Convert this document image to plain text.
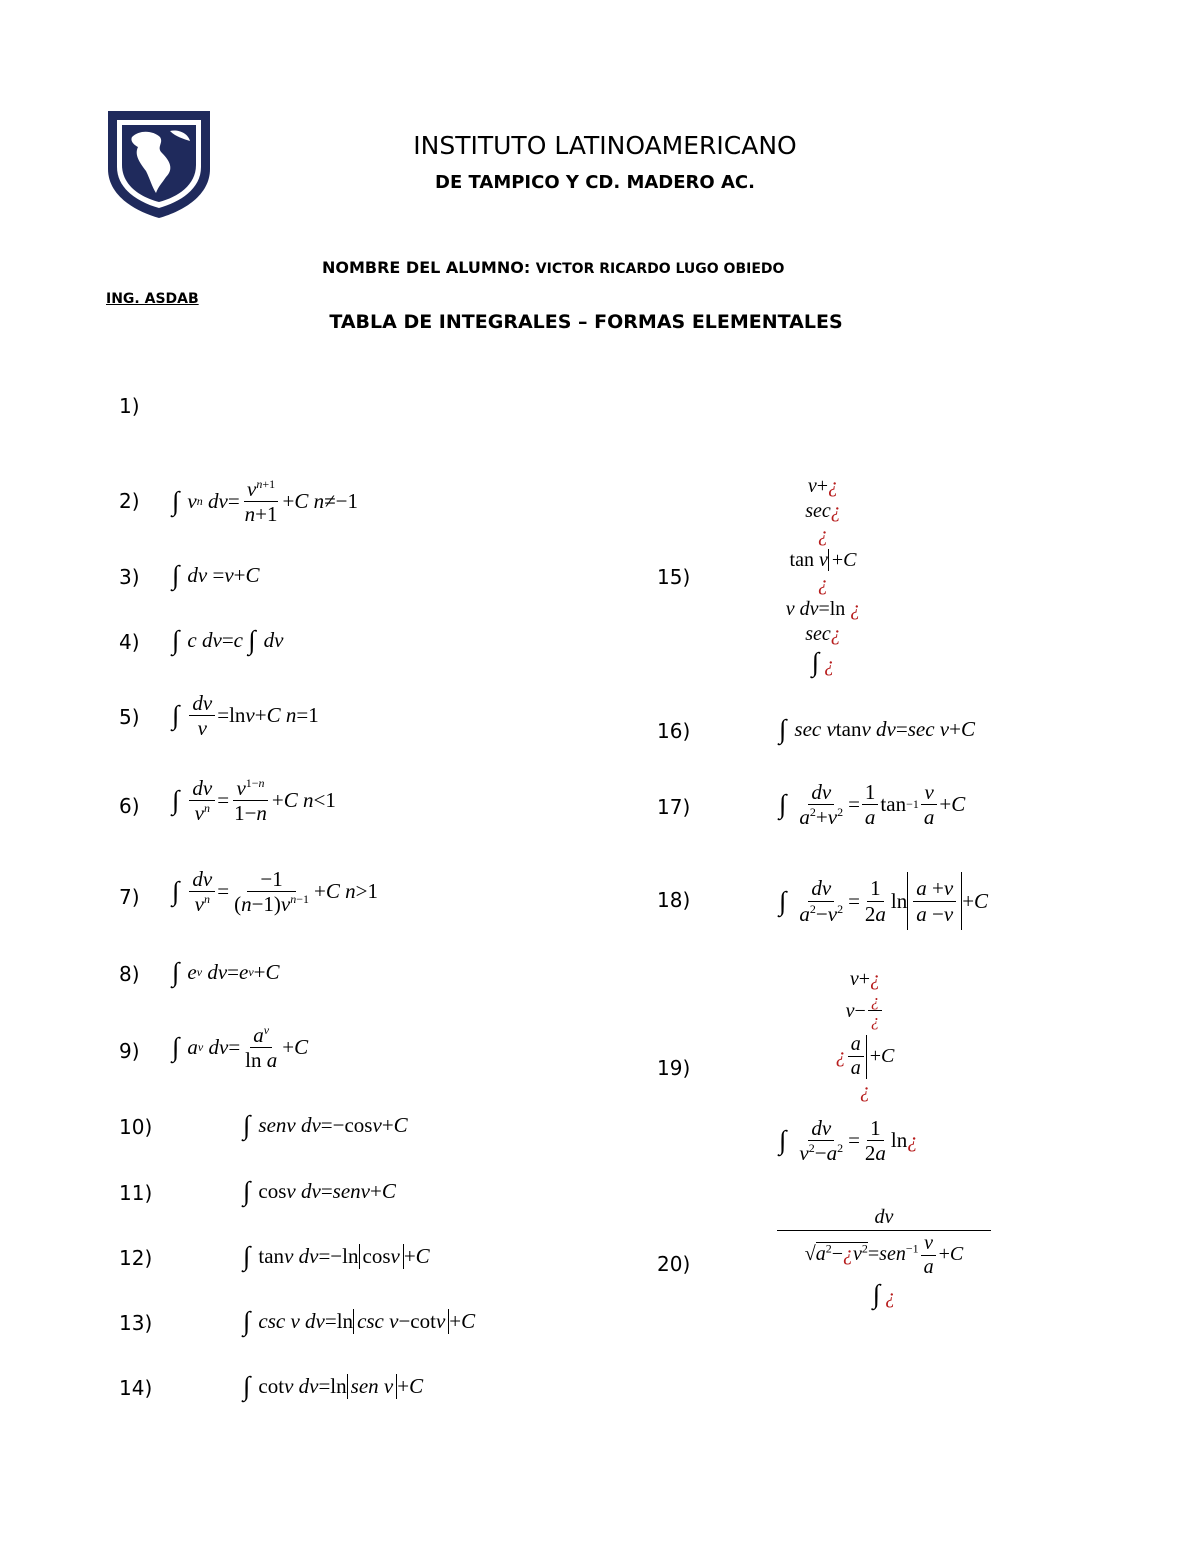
INSTITUTO LATINOAMERICANO
DE TAMPICO Y CD. MADERO AC.
NOMBRE DEL ALUMNO: VICTOR RICARDO LUGO OBIEDO
ING. ASDAB
TABLA DE INTEGRALES – FORMAS ELEMENTALES
1)
2)
3)
4)
5)
6)
7)
8)
9)
10)
11)
12)
13)
14)
15)
16)
17)
18)
19)
20)
∫ v n
dv = $\frac{v^{n+1}}{n+1} + C$ n ≠−1
∫ dv = v + C
∫ c dv = c
∫ dv
∫ $\frac{dv}{v} =\ln$ v + C n =1
∫ $\frac{dv}{v^n} = \frac{v^{1-n}}{1-n} + C$ n <1
∫ $\frac{dv}{v^n} = \frac{-1}{(n-1)v^{n-1}} + C$ n >1
∫ e v
dv = e v + C
∫ a v
dv = $\frac{a^v}{\text{ln a}} + C$
∫ senv dv =−cos v + C
∫ cos v dv = senv + C
∫ tan v dv =−ln cos v + C
∫ csc v dv =ln csc v −cot v + C
∫ cot v dv =ln sen v + C
v+¿
sec¿
¿
tan v +C
¿
v dv=ln ¿
sec¿
∫ ¿
∫ sec v tan v dv = sec v + C
∫ $\frac{dv}{a^2+v^2} = \frac{1}{a}$ $\tan -1 \frac{v}{a} + C$
∫ $\frac{dv}{a^2-v^2} = \frac{1}{2a}$ $\ln \frac{a +v}{a -v} + C$
v+¿
$v - \frac{¿}{¿}$
¿ $\frac{a}{a} + C$
¿
∫ $\frac{dv}{v^2-a^2} = \frac{1}{2a}$ ln ¿
dv
$√a^2-¿v^2=sen^{-1} \frac{v}{a} +C$
∫ ¿
